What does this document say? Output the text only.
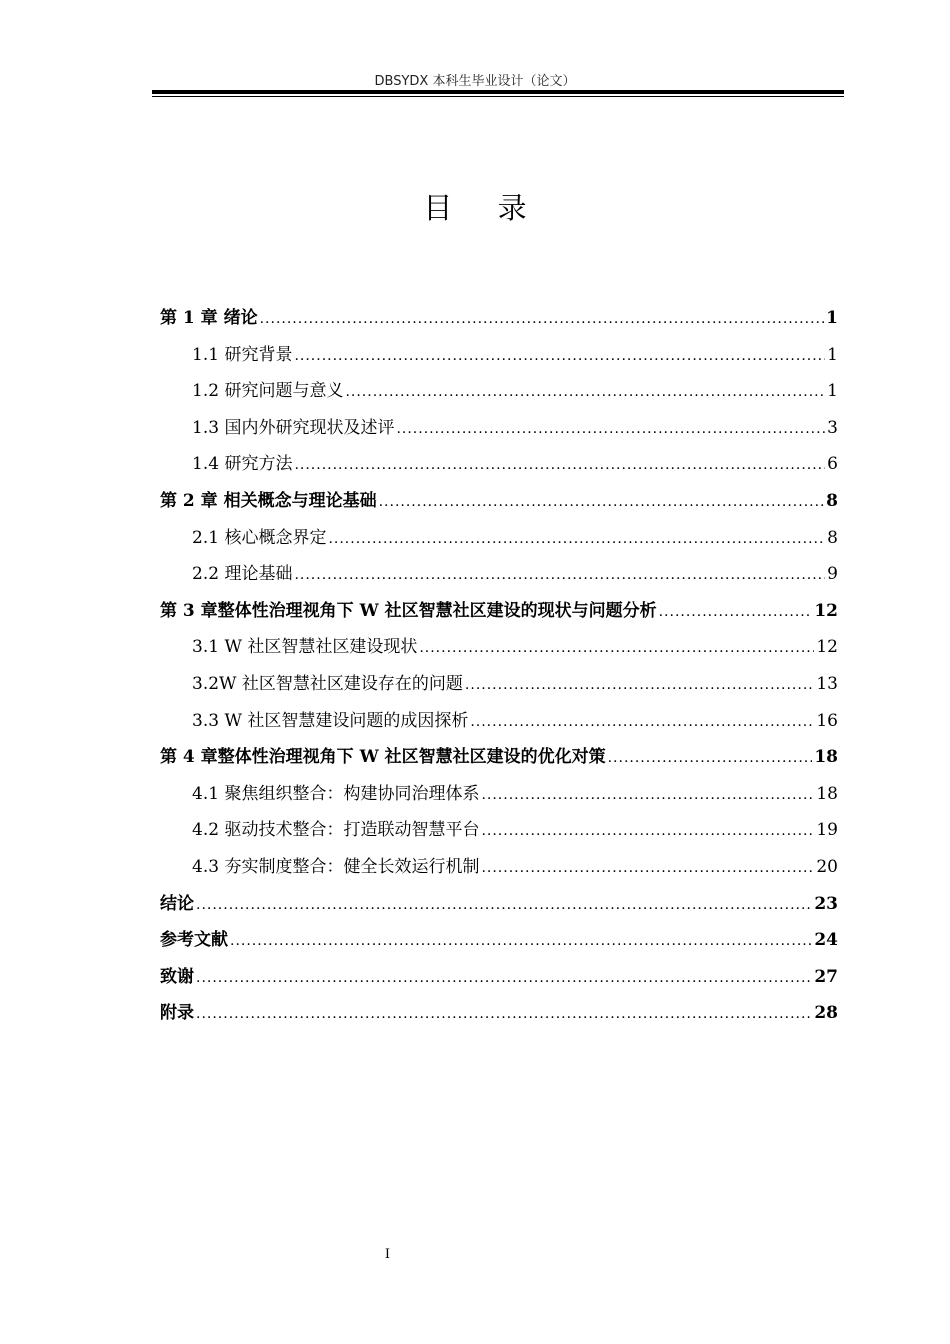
DBSYDX 本科生毕业设计（论文）
目 录
第 1 章 绪论 .....	1
1.1 研究背景 .....	1
1.2 研究问题与意义 .....	1
1.3 国内外研究现状及述评 .....	3
1.4 研究方法 .....	6
第 2 章 相关概念与理论基础 .....	8
2.1 核心概念界定 .....	8
2.2 理论基础 .....	9
第 3 章整体性治理视角下 W 社区智慧社区建设的现状与问题分析 .....	12
3.1 W 社区智慧社区建设现状 .....	12
3.2W 社区智慧社区建设存在的问题 .....	13
3.3 W 社区智慧建设问题的成因探析 .....	16
第 4 章整体性治理视角下 W 社区智慧社区建设的优化对策 .....	18
4.1 聚焦组织整合：构建协同治理体系 .....	18
4.2 驱动技术整合：打造联动智慧平台 .....	19
4.3 夯实制度整合：健全长效运行机制 .....	20
结论 .....	23
参考文献 .....	24
致谢 .....	27
附录 .....	28
I
